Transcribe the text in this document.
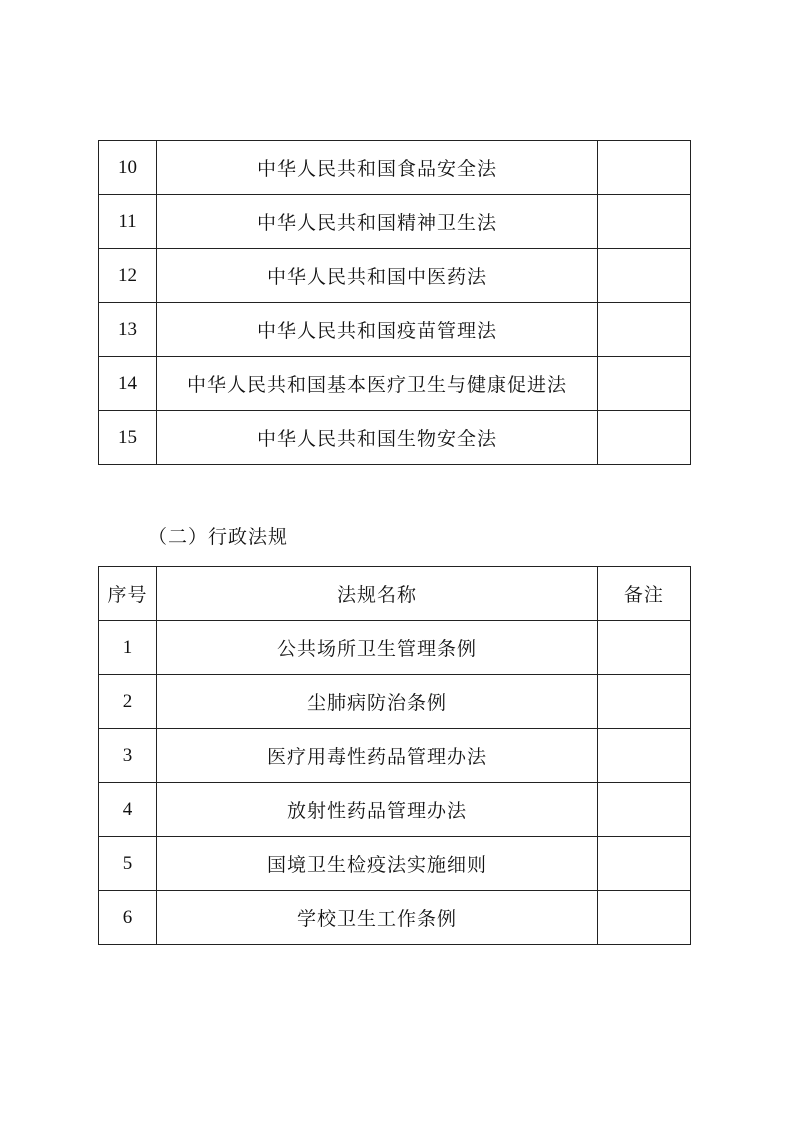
10	中华人民共和国食品安全法	
11	中华人民共和国精神卫生法	
12	中华人民共和国中医药法	
13	中华人民共和国疫苗管理法	
14	中华人民共和国基本医疗卫生与健康促进法	
15	中华人民共和国生物安全法	
（二）行政法规
序号	法规名称	备注
1	公共场所卫生管理条例	
2	尘肺病防治条例	
3	医疗用毒性药品管理办法	
4	放射性药品管理办法	
5	国境卫生检疫法实施细则	
6	学校卫生工作条例	
